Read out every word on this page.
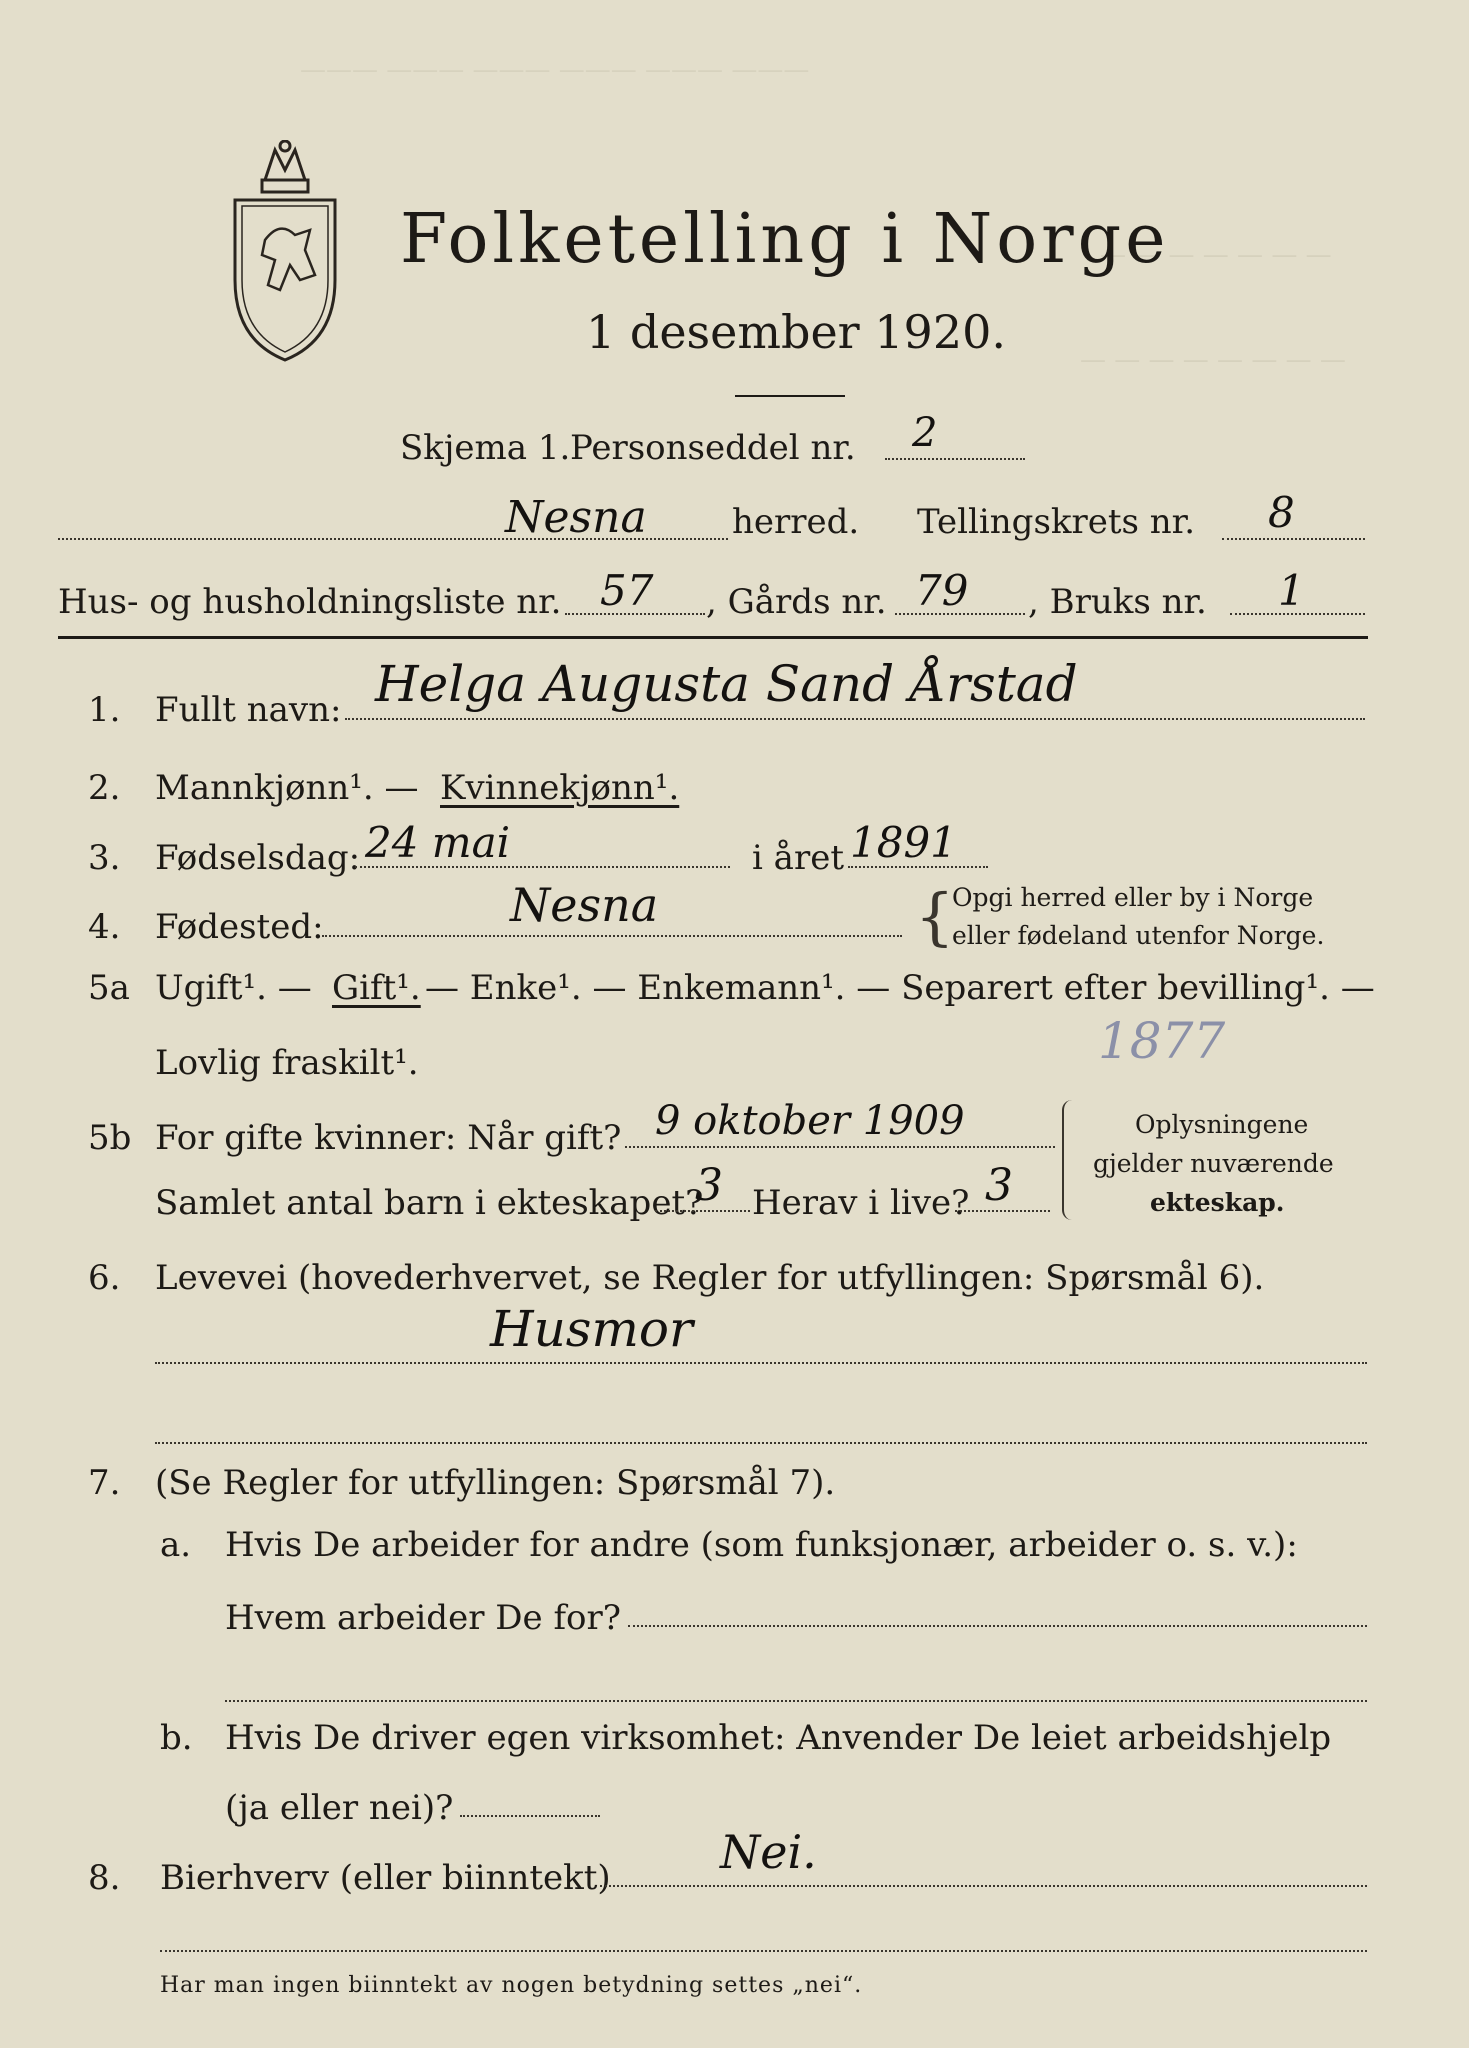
——— ——— ——— ——— ——— ———
— — — — — — —
— — — — — — — —
Folketelling i Norge
1 desember 1920.
Skjema 1. Personseddel nr. 2
Nesna	herred. Tellingskrets nr. 8
Hus- og husholdningsliste nr. 57 , Gårds nr. 79 , Bruks nr. 1
1. Fullt navn: Helga Augusta Sand Årstad
2. Mannkjønn¹. — Kvinnekjønn¹.
3. Fødselsdag: 24 mai	i året 1891
4. Fødested:	Nesna	{
Opgi herred eller by i Norge
eller fødeland utenfor Norge.
5a Ugift¹. — Gift¹. — Enke¹. — Enkemann¹. — Separert efter bevilling¹. —
Lovlig fraskilt¹.	1877
5b For gifte kvinner: Når gift? 9 oktober 1909
Samlet antal barn i ekteskapet?
3 Herav i live? 3
Oplysningene
gjelder nuværende
ekteskap.
6. Levevei (hovederhvervet, se Regler for utfyllingen: Spørsmål 6).
Husmor
7. (Se Regler for utfyllingen: Spørsmål 7).
a. Hvis De arbeider for andre (som funksjonær, arbeider o. s. v.):
Hvem arbeider De for?
b. Hvis De driver egen virksomhet: Anvender De leiet arbeidshjelp
(ja eller nei)?
8. Bierhverv (eller biinntekt) Nei.
Har man ingen biinntekt av nogen betydning settes „nei“.
